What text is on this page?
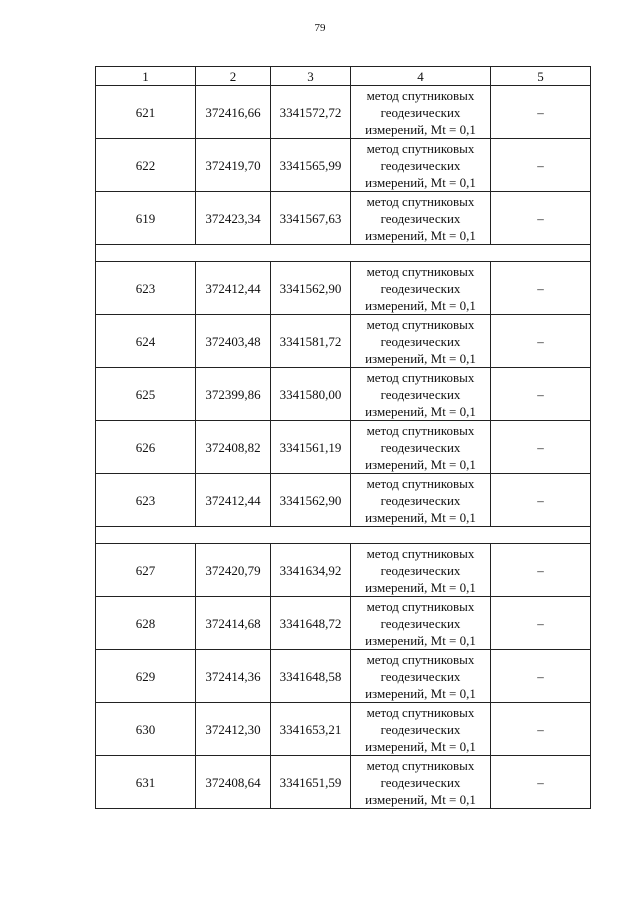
79
1	2	3	4	5
621	372416,66	3341572,72	метод спутниковых
геодезических
измерений, Mt = 0,1	–
622	372419,70	3341565,99	метод спутниковых
геодезических
измерений, Mt = 0,1	–
619	372423,34	3341567,63	метод спутниковых
геодезических
измерений, Mt = 0,1	–

623	372412,44	3341562,90	метод спутниковых
геодезических
измерений, Mt = 0,1	–
624	372403,48	3341581,72	метод спутниковых
геодезических
измерений, Mt = 0,1	–
625	372399,86	3341580,00	метод спутниковых
геодезических
измерений, Mt = 0,1	–
626	372408,82	3341561,19	метод спутниковых
геодезических
измерений, Mt = 0,1	–
623	372412,44	3341562,90	метод спутниковых
геодезических
измерений, Mt = 0,1	–

627	372420,79	3341634,92	метод спутниковых
геодезических
измерений, Mt = 0,1	–
628	372414,68	3341648,72	метод спутниковых
геодезических
измерений, Mt = 0,1	–
629	372414,36	3341648,58	метод спутниковых
геодезических
измерений, Mt = 0,1	–
630	372412,30	3341653,21	метод спутниковых
геодезических
измерений, Mt = 0,1	–
631	372408,64	3341651,59	метод спутниковых
геодезических
измерений, Mt = 0,1	–
